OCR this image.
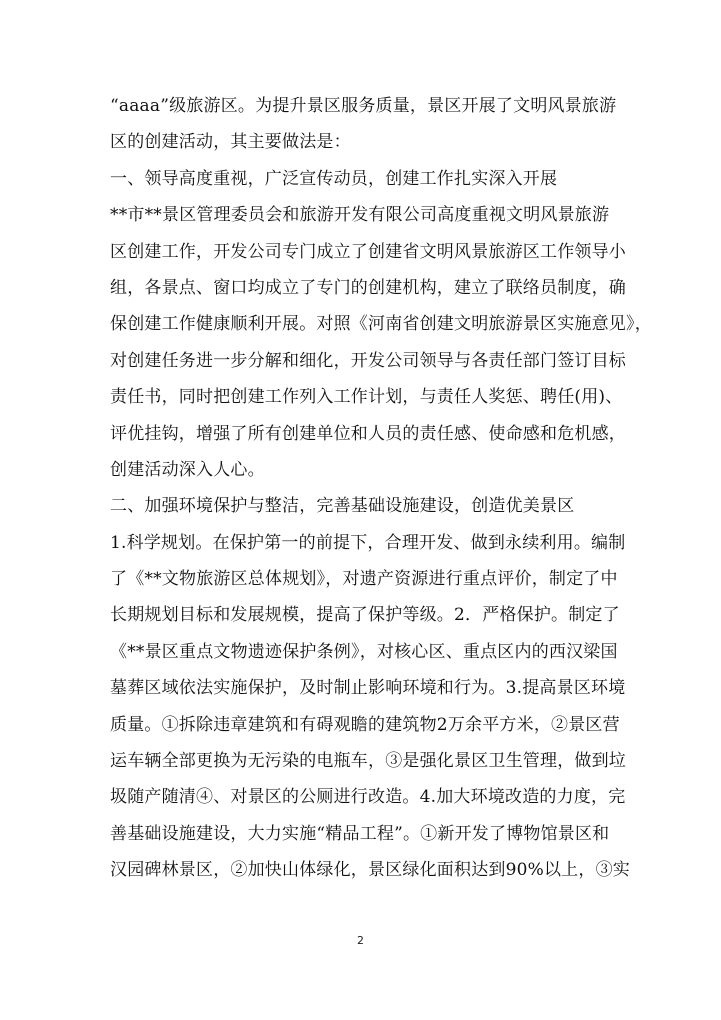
“aaaa”级旅游区。为提升景区服务质量，景区开展了文明风景旅游
区的创建活动，其主要做法是：
一、领导高度重视，广泛宣传动员，创建工作扎实深入开展
**市**景区管理委员会和旅游开发有限公司高度重视文明风景旅游
区创建工作，开发公司专门成立了创建省文明风景旅游区工作领导小
组，各景点、窗口均成立了专门的创建机构，建立了联络员制度，确
保创建工作健康顺利开展。对照《河南省创建文明旅游景区实施意见》，
对创建任务进一步分解和细化，开发公司领导与各责任部门签订目标
责任书，同时把创建工作列入工作计划，与责任人奖惩、聘任(用)、
评优挂钩，增强了所有创建单位和人员的责任感、使命感和危机感，
创建活动深入人心。
二、加强环境保护与整洁，完善基础设施建设，创造优美景区
1.科学规划。在保护第一的前提下，合理开发、做到永续利用。编制
了《**文物旅游区总体规划》，对遗产资源进行重点评价，制定了中
长期规划目标和发展规模，提高了保护等级。2．严格保护。制定了
《**景区重点文物遗迹保护条例》，对核心区、重点区内的西汉梁国
墓葬区域依法实施保护，及时制止影响环境和行为。3.提高景区环境
质量。①拆除违章建筑和有碍观瞻的建筑物2万余平方米，②景区营
运车辆全部更换为无污染的电瓶车，③是强化景区卫生管理，做到垃
圾随产随清④、对景区的公厕进行改造。4.加大环境改造的力度，完
善基础设施建设，大力实施“精品工程”。①新开发了博物馆景区和
汉园碑林景区，②加快山体绿化，景区绿化面积达到90%以上，③实
2
